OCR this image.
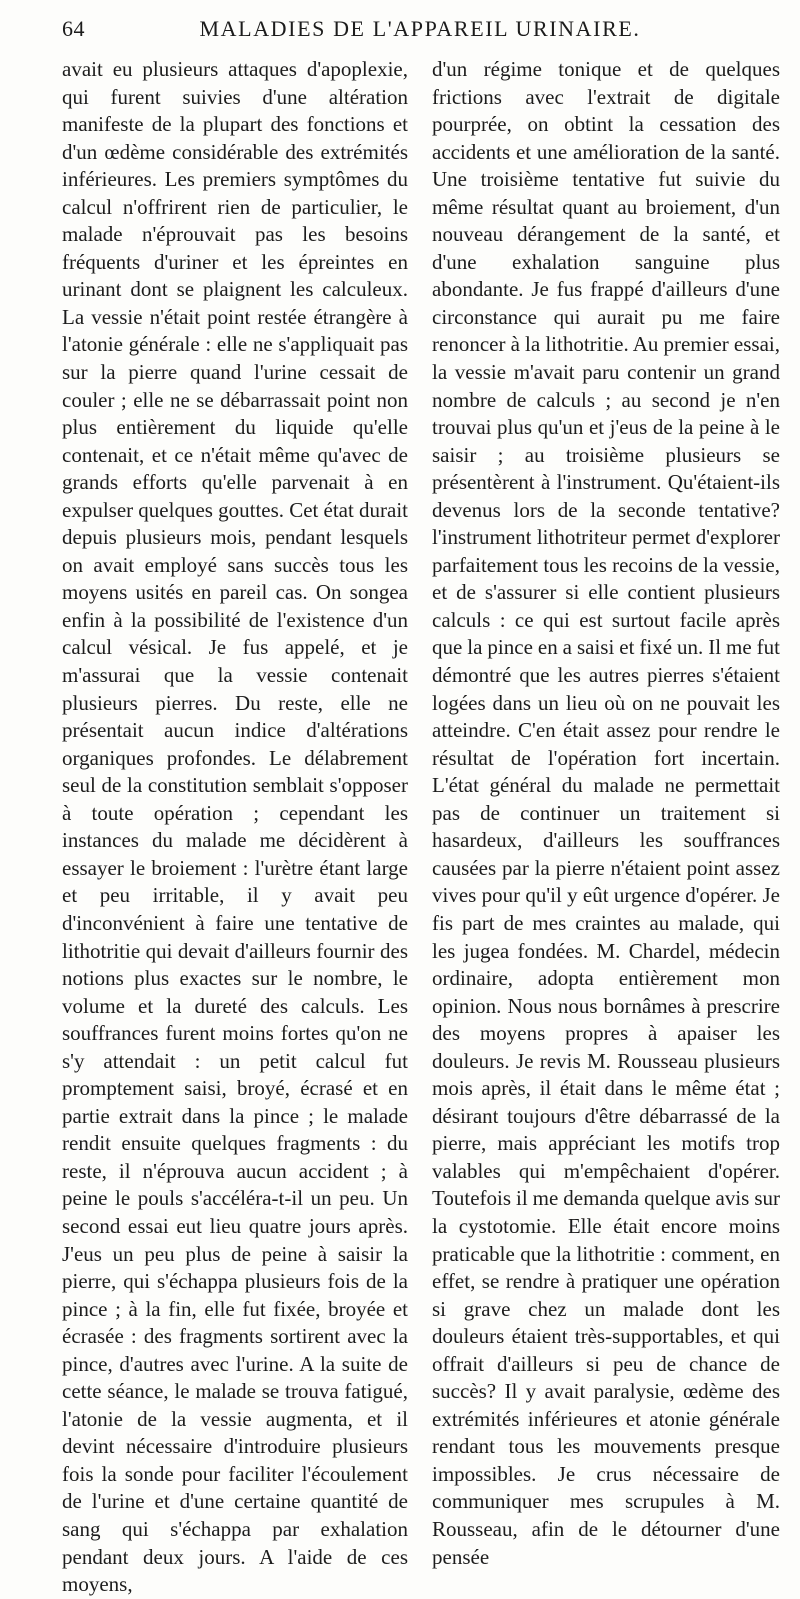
64	MALADIES DE L'APPAREIL URINAIRE.

avait eu plusieurs attaques d'apoplexie, qui furent suivies d'une altération manifeste de la plupart des fonctions et d'un œdème considérable des extrémités inférieures. Les premiers symptômes du calcul n'offrirent rien de particulier, le malade n'éprouvait pas les besoins fréquents d'uriner et les épreintes en urinant dont se plaignent les calculeux. La vessie n'était point restée étrangère à l'atonie générale : elle ne s'appliquait pas sur la pierre quand l'urine cessait de couler ; elle ne se débarrassait point non plus entièrement du liquide qu'elle contenait, et ce n'était même qu'avec de grands efforts qu'elle parvenait à en expulser quelques gouttes. Cet état durait depuis plusieurs mois, pendant lesquels on avait employé sans succès tous les moyens usités en pareil cas. On songea enfin à la possibilité de l'existence d'un calcul vésical. Je fus appelé, et je m'assurai que la vessie contenait plusieurs pierres. Du reste, elle ne présentait aucun indice d'altérations organiques profondes. Le délabrement seul de la constitution semblait s'opposer à toute opération ; cependant les instances du malade me décidèrent à essayer le broiement : l'urètre étant large et peu irritable, il y avait peu d'inconvénient à faire une tentative de lithotritie qui devait d'ailleurs fournir des notions plus exactes sur le nombre, le volume et la dureté des calculs. Les souffrances furent moins fortes qu'on ne s'y attendait : un petit calcul fut promptement saisi, broyé, écrasé et en partie extrait dans la pince ; le malade rendit ensuite quelques fragments : du reste, il n'éprouva aucun accident ; à peine le pouls s'accéléra-t-il un peu. Un second essai eut lieu quatre jours après. J'eus un peu plus de peine à saisir la pierre, qui s'échappa plusieurs fois de la pince ; à la fin, elle fut fixée, broyée et écrasée : des fragments sortirent avec la pince, d'autres avec l'urine. A la suite de cette séance, le malade se trouva fatigué, l'atonie de la vessie augmenta, et il devint nécessaire d'introduire plusieurs fois la sonde pour faciliter l'écoulement de l'urine et d'une certaine quantité de sang qui s'échappa par exhalation pendant deux jours. A l'aide de ces moyens,

d'un régime tonique et de quelques frictions avec l'extrait de digitale pourprée, on obtint la cessation des accidents et une amélioration de la santé. Une troisième tentative fut suivie du même résultat quant au broiement, d'un nouveau dérangement de la santé, et d'une exhalation sanguine plus abondante. Je fus frappé d'ailleurs d'une circonstance qui aurait pu me faire renoncer à la lithotritie. Au premier essai, la vessie m'avait paru contenir un grand nombre de calculs ; au second je n'en trouvai plus qu'un et j'eus de la peine à le saisir ; au troisième plusieurs se présentèrent à l'instrument. Qu'étaient-ils devenus lors de la seconde tentative? l'instrument lithotriteur permet d'explorer parfaitement tous les recoins de la vessie, et de s'assurer si elle contient plusieurs calculs : ce qui est surtout facile après que la pince en a saisi et fixé un. Il me fut démontré que les autres pierres s'étaient logées dans un lieu où on ne pouvait les atteindre. C'en était assez pour rendre le résultat de l'opération fort incertain. L'état général du malade ne permettait pas de continuer un traitement si hasardeux, d'ailleurs les souffrances causées par la pierre n'étaient point assez vives pour qu'il y eût urgence d'opérer. Je fis part de mes craintes au malade, qui les jugea fondées. M. Chardel, médecin ordinaire, adopta entièrement mon opinion. Nous nous bornâmes à prescrire des moyens propres à apaiser les douleurs. Je revis M. Rousseau plusieurs mois après, il était dans le même état ; désirant toujours d'être débarrassé de la pierre, mais appréciant les motifs trop valables qui m'empêchaient d'opérer. Toutefois il me demanda quelque avis sur la cystotomie. Elle était encore moins praticable que la lithotritie : comment, en effet, se rendre à pratiquer une opération si grave chez un malade dont les douleurs étaient très-supportables, et qui offrait d'ailleurs si peu de chance de succès? Il y avait paralysie, œdème des extrémités inférieures et atonie générale rendant tous les mouvements presque impossibles. Je crus nécessaire de communiquer mes scrupules à M. Rousseau, afin de le détourner d'une pensée
